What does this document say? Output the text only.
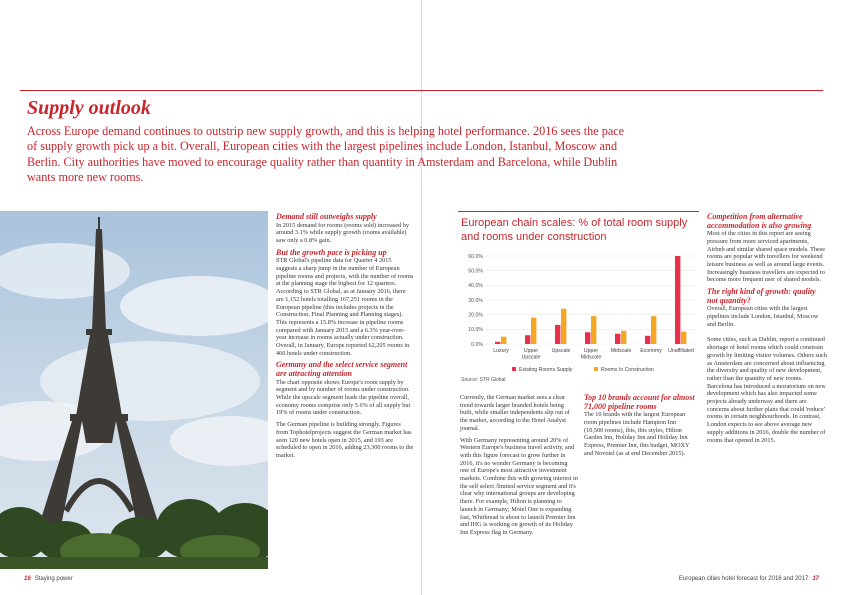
Supply outlook

Across Europe demand continues to outstrip new supply growth, and this is helping hotel performance. 2016 sees the pace of supply growth pick up a bit. Overall, European cities with the largest pipelines include London, Istanbul, Moscow and Berlin. City authorities have moved to encourage quality rather than quantity in Amsterdam and Barcelona, while Dublin wants more new rooms.

Demand still outweighs supply

In 2015 demand for rooms (rooms sold) increased by around 3.1% while supply growth (rooms available) saw only a 0.8% gain.

But the growth pace is picking up

STR Global's pipeline data for Quarter 4 2015 suggests a sharp jump in the number of European pipeline rooms and projects, with the number of rooms at the planning stage the highest for 12 quarters. According to STR Global, as at January 2016, there are 1,152 hotels totalling 167,251 rooms in the European pipeline (this includes projects in the Construction, Final Planning and Planning stages). This represents a 15.8% increase in pipeline rooms compared with January 2015 and a 6.3% year-over-year increase in rooms actually under construction. Overall, in January, Europe reported 62,205 rooms in 460 hotels under construction.

Germany and the select service segment are attracting attention

The chart opposite shows Europe's room supply by segment and by number of rooms under construction. While the upscale segment leads the pipeline overall, economy rooms comprise only 5.6% of all supply but 19% of rooms under construction.

The German pipeline is building strongly. Figures from Tophotelprojects suggest the German market has seen 120 new hotels open in 2015, and 193 are scheduled to open in 2016, adding 23,300 rooms to the market.

European chain scales: % of total room supply and rooms under construction
0.0%
10.0%
20.0%
30.0%
40.0%
50.0%
60.0%
Luxury	Upper Upscale
Upscale	Upper Midscale
Midscale Economy Unaffiliated
Existing Rooms Supply	Rooms In Construction
Source: STR Global

Currently, the German market sees a clear trend towards larger branded hotels being built, while smaller independents slip out of the market, according to the Hotel Analyst journal.

With Germany representing around 20% of Western Europe's business travel activity, and with this figure forecast to grow further in 2016, it's no wonder Germany is becoming one of Europe's most attractive investment markets. Combine this with growing interest in the self select /limited service segment and it's clear why international groups are developing there. For example, Hilton is planning to launch in Germany; Motel One is expanding fast, Whitbread is about to launch Premier Inn and IHG is working on growth of its Holiday Inn Express flag in Germany.

Top 10 brands account for almost 71,000 pipeline rooms

The 10 brands with the largest European room pipelines include Hampton Inn (10,500 rooms), ibis, ibis styles, Hilton Garden Inn, Holiday Inn and Holiday Inn Express, Premier Inn, ibis budget, MOXY and Novotel (as at end December 2015).

Competition from alternative accommodation is also growing

Most of the cities in this report are seeing pressure from more serviced apartments, Airbnb and similar shared space models. These rooms are popular with travellers for weekend leisure business as well as around large events. Increasingly business travellers are expected to become more frequent user of shared models.

The right kind of growth: quality not quantity?

Overall, European cities with the largest pipelines include London, Istanbul, Moscow and Berlin.

Some cities, such as Dublin, report a continued shortage of hotel rooms which could constrain growth by limiting visitor volumes. Others such as Amsterdam are concerned about influencing the diversity and quality of new development, rather than the quantity of new rooms. Barcelona has introduced a moratorium on new development which has also impacted some projects already underway and there are concerns about further plans that could 'reduce' rooms in certain neighbourhoods. In contrast, London expects to see above average new supply additions in 2016, double the number of rooms that opened in 2015.

16 Staying power	European cities hotel forecast for 2016 and 2017 17
